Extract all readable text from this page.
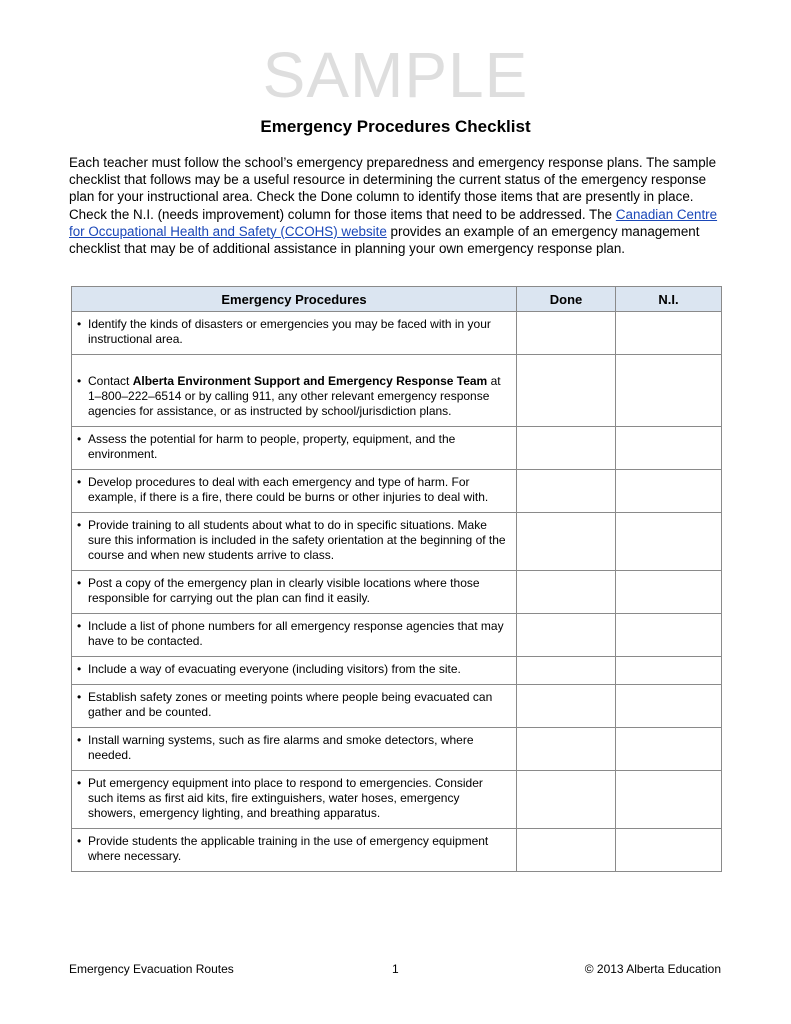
SAMPLE
Emergency Procedures Checklist
Each teacher must follow the school’s emergency preparedness and emergency response plans. The sample checklist that follows may be a useful resource in determining the current status of the emergency response plan for your instructional area. Check the Done column to identify those items that are presently in place. Check the N.I. (needs improvement) column for those items that need to be addressed. The Canadian Centre for Occupational Health and Safety (CCOHS) website provides an example of an emergency management checklist that may be of additional assistance in planning your own emergency response plan.
Emergency Procedures	Done	N.I.

• Identify the kinds of disasters or emergencies you may be faced with in your instructional area.		

• Contact Alberta Environment Support and Emergency Response Team at 1–800–222–6514 or by calling 911, any other relevant emergency response agencies for assistance, or as instructed by school/jurisdiction plans.		

• Assess the potential for harm to people, property, equipment, and the environment.		

• Develop procedures to deal with each emergency and type of harm. For example, if there is a fire, there could be burns or other injuries to deal with.		

• Provide training to all students about what to do in specific situations. Make sure this information is included in the safety orientation at the beginning of the course and when new students arrive to class.		

• Post a copy of the emergency plan in clearly visible locations where those responsible for carrying out the plan can find it easily.		

• Include a list of phone numbers for all emergency response agencies that may have to be contacted.		

• Include a way of evacuating everyone (including visitors) from the site.		

• Establish safety zones or meeting points where people being evacuated can gather and be counted.		

• Install warning systems, such as fire alarms and smoke detectors, where needed.		

• Put emergency equipment into place to respond to emergencies. Consider such items as first aid kits, fire extinguishers, water hoses, emergency showers, emergency lighting, and breathing apparatus.		

• Provide students the applicable training in the use of emergency equipment where necessary.		

Emergency Evacuation Routes	1	© 2013 Alberta Education
